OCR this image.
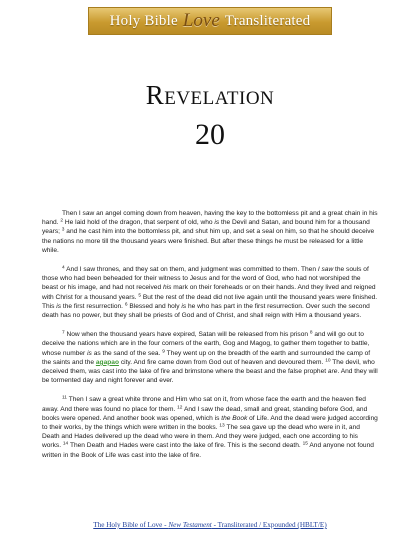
Holy Bible Love Transliterated
Revelation
20

Then I saw an angel coming down from heaven, having the key to the bottomless pit and a great chain in his hand. $^2$ He laid hold of the dragon, that serpent of old, who is the Devil and Satan, and bound him for a thousand years; $^3$ and he cast him into the bottomless pit, and shut him up, and set a seal on him, so that he should deceive the nations no more till the thousand years were finished. But after these things he must be released for a little while.

$^4$ And I saw thrones, and they sat on them, and judgment was committed to them. Then I saw the souls of those who had been beheaded for their witness to Jesus and for the word of God, who had not worshiped the beast or his image, and had not received his mark on their foreheads or on their hands. And they lived and reigned with Christ for a thousand years. $^5$ But the rest of the dead did not live again until the thousand years were finished. This is the first resurrection. $^6$ Blessed and holy is he who has part in the first resurrection. Over such the second death has no power, but they shall be priests of God and of Christ, and shall reign with Him a thousand years.

$^7$ Now when the thousand years have expired, Satan will be released from his prison $^8$ and will go out to deceive the nations which are in the four corners of the earth, Gog and Magog, to gather them together to battle, whose number is as the sand of the sea. $^9$ They went up on the breadth of the earth and surrounded the camp of the saints and the agapao city. And fire came down from God out of heaven and devoured them. $^{10}$ The devil, who deceived them, was cast into the lake of fire and brimstone where the beast and the false prophet are. And they will be tormented day and night forever and ever.

$^{11}$ Then I saw a great white throne and Him who sat on it, from whose face the earth and the heaven fled away. And there was found no place for them. $^{12}$ And I saw the dead, small and great, standing before God, and books were opened. And another book was opened, which is the Book of Life. And the dead were judged according to their works, by the things which were written in the books. $^{13}$ The sea gave up the dead who were in it, and Death and Hades delivered up the dead who were in them. And they were judged, each one according to his works. $^{14}$ Then Death and Hades were cast into the lake of fire. This is the second death. $^{15}$ And anyone not found written in the Book of Life was cast into the lake of fire.

The Holy Bible of Love - New Testament - Transliterated / Expounded (HBLT/E)
